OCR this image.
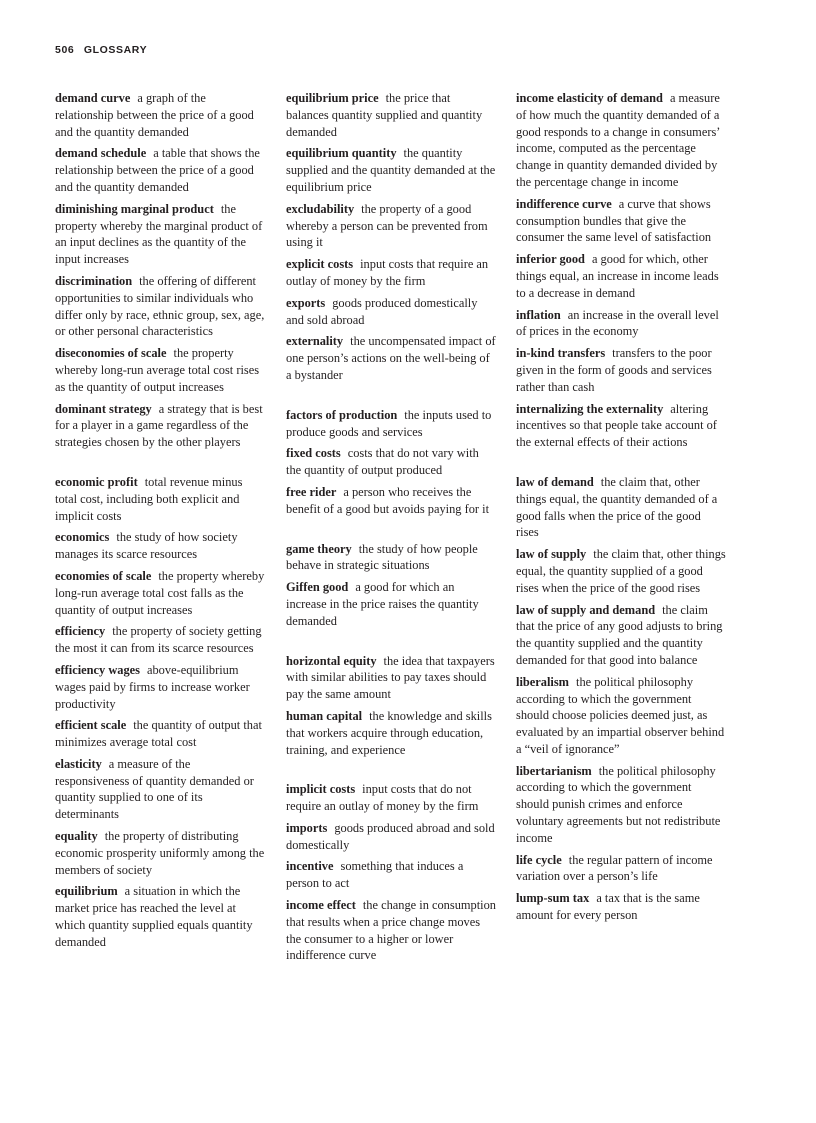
506 GLOSSARY
demand curve a graph of the relationship between the price of a good and the quantity demanded
demand schedule a table that shows the relationship between the price of a good and the quantity demanded
diminishing marginal product the property whereby the marginal product of an input declines as the quantity of the input increases
discrimination the offering of different opportunities to similar individuals who differ only by race, ethnic group, sex, age, or other personal characteristics
diseconomies of scale the property whereby long-run average total cost rises as the quantity of output increases
dominant strategy a strategy that is best for a player in a game regardless of the strategies chosen by the other players
economic profit total revenue minus total cost, including both explicit and implicit costs
economics the study of how society manages its scarce resources
economies of scale the property whereby long-run average total cost falls as the quantity of output increases
efficiency the property of society getting the most it can from its scarce resources
efficiency wages above-equilibrium wages paid by firms to increase worker productivity
efficient scale the quantity of output that minimizes average total cost
elasticity a measure of the responsiveness of quantity demanded or quantity supplied to one of its determinants
equality the property of distributing economic prosperity uniformly among the members of society
equilibrium a situation in which the market price has reached the level at which quantity supplied equals quantity demanded
equilibrium price the price that balances quantity supplied and quantity demanded
equilibrium quantity the quantity supplied and the quantity demanded at the equilibrium price
excludability the property of a good whereby a person can be prevented from using it
explicit costs input costs that require an outlay of money by the firm
exports goods produced domestically and sold abroad
externality the uncompensated impact of one person’s actions on the well-being of a bystander
factors of production the inputs used to produce goods and services
fixed costs costs that do not vary with the quantity of output produced
free rider a person who receives the benefit of a good but avoids paying for it
game theory the study of how people behave in strategic situations
Giffen good a good for which an increase in the price raises the quantity demanded
horizontal equity the idea that taxpayers with similar abilities to pay taxes should pay the same amount
human capital the knowledge and skills that workers acquire through education, training, and experience
implicit costs input costs that do not require an outlay of money by the firm
imports goods produced abroad and sold domestically
incentive something that induces a person to act
income effect the change in consumption that results when a price change moves the consumer to a higher or lower indifference curve
income elasticity of demand a measure of how much the quantity demanded of a good responds to a change in consumers’ income, computed as the percentage change in quantity demanded divided by the percentage change in income
indifference curve a curve that shows consumption bundles that give the consumer the same level of satisfaction
inferior good a good for which, other things equal, an increase in income leads to a decrease in demand
inflation an increase in the overall level of prices in the economy
in-kind transfers transfers to the poor given in the form of goods and services rather than cash
internalizing the externality altering incentives so that people take account of the external effects of their actions
law of demand the claim that, other things equal, the quantity demanded of a good falls when the price of the good rises
law of supply the claim that, other things equal, the quantity supplied of a good rises when the price of the good rises
law of supply and demand the claim that the price of any good adjusts to bring the quantity supplied and the quantity demanded for that good into balance
liberalism the political philosophy according to which the government should choose policies deemed just, as evaluated by an impartial observer behind a “veil of ignorance”
libertarianism the political philosophy according to which the government should punish crimes and enforce voluntary agreements but not redistribute income
life cycle the regular pattern of income variation over a person’s life
lump-sum tax a tax that is the same amount for every person
